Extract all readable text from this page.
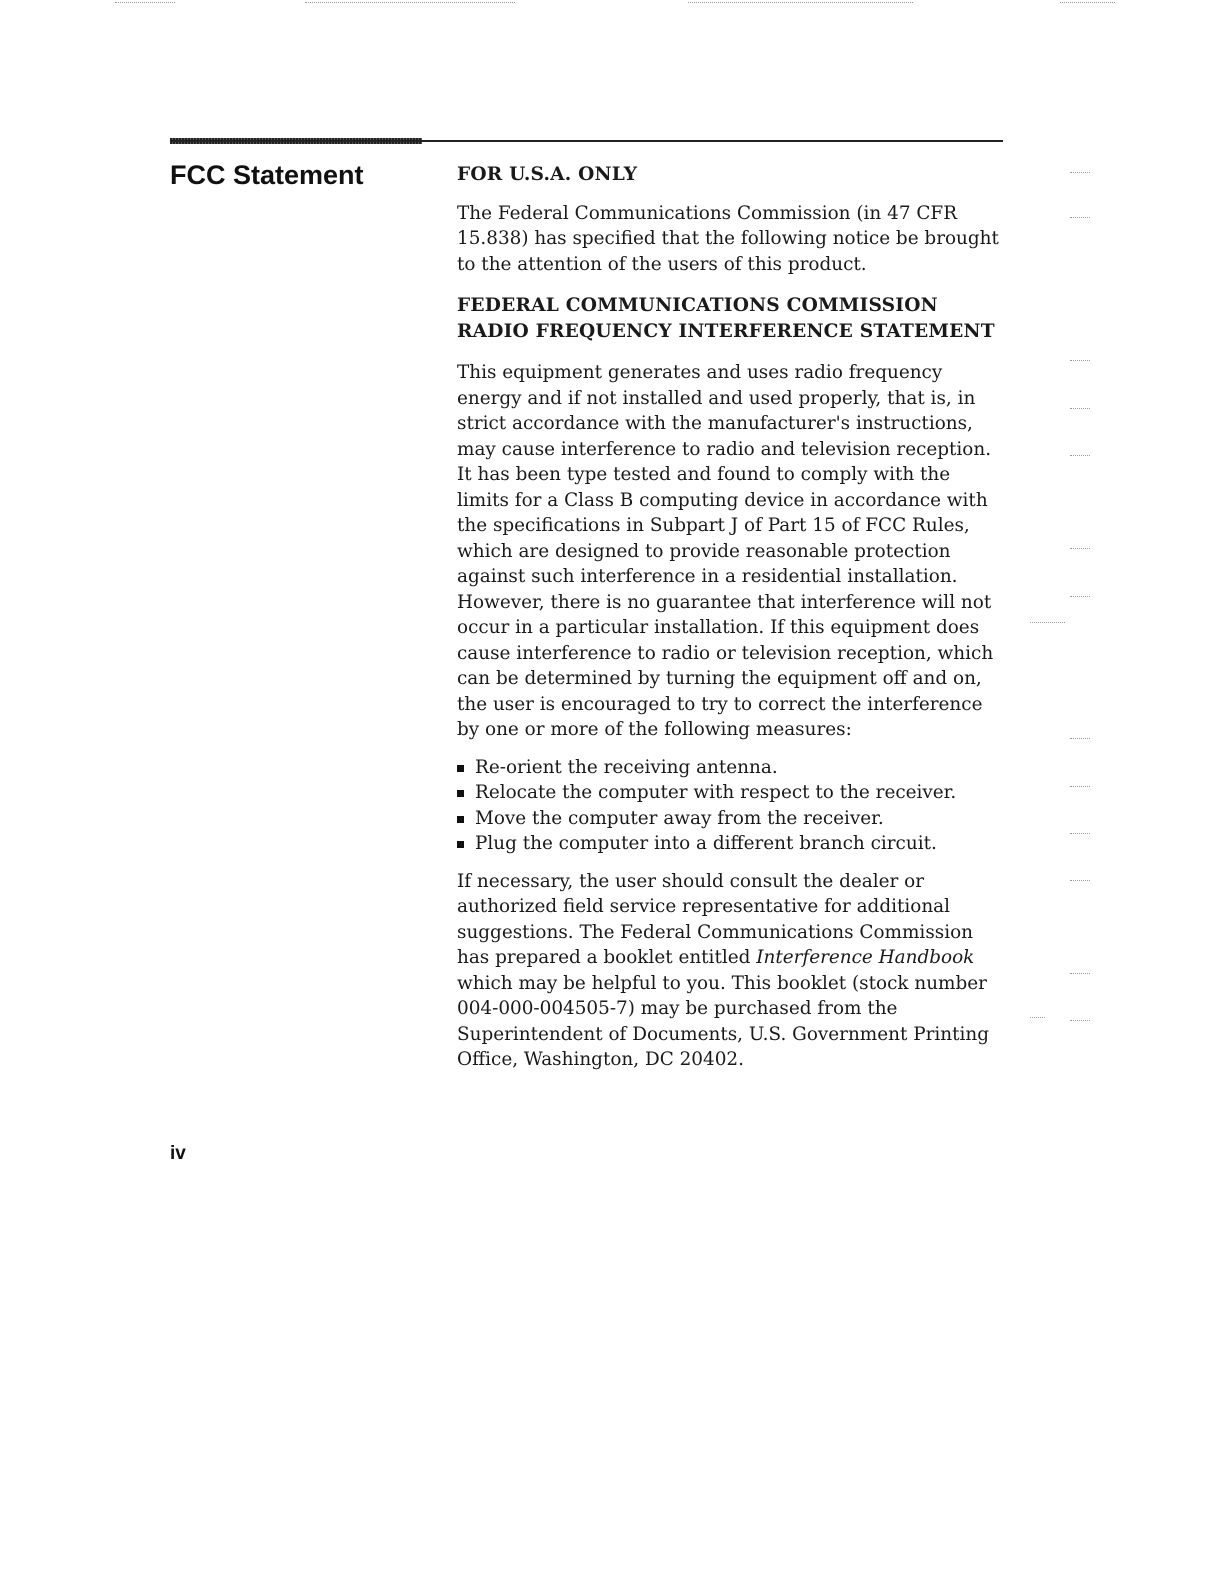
FCC Statement	FOR U.S.A. ONLY

The Federal Communications Commission (in 47 CFR 15.838) has specified that the following notice be brought to the attention of the users of this product.

FEDERAL COMMUNICATIONS COMMISSION RADIO FREQUENCY INTERFERENCE STATEMENT

This equipment generates and uses radio frequency energy and if not installed and used properly, that is, in strict accordance with the manufacturer's instructions, may cause interference to radio and television reception. It has been type tested and found to comply with the limits for a Class B computing device in accordance with the specifications in Subpart J of Part 15 of FCC Rules, which are designed to provide reasonable protection against such interference in a residential installation. However, there is no guarantee that interference will not occur in a particular installation. If this equipment does cause interference to radio or television reception, which can be determined by turning the equipment off and on, the user is encouraged to try to correct the interference by one or more of the following measures:

Re-orient the receiving antenna.
Relocate the computer with respect to the receiver.
Move the computer away from the receiver.
Plug the computer into a different branch circuit.

If necessary, the user should consult the dealer or authorized field service representative for additional suggestions. The Federal Communications Commission has prepared a booklet entitled Interference Handbook which may be helpful to you. This booklet (stock number 004-000-004505-7) may be purchased from the Superintendent of Documents, U.S. Government Printing Office, Washington, DC 20402.

iv
